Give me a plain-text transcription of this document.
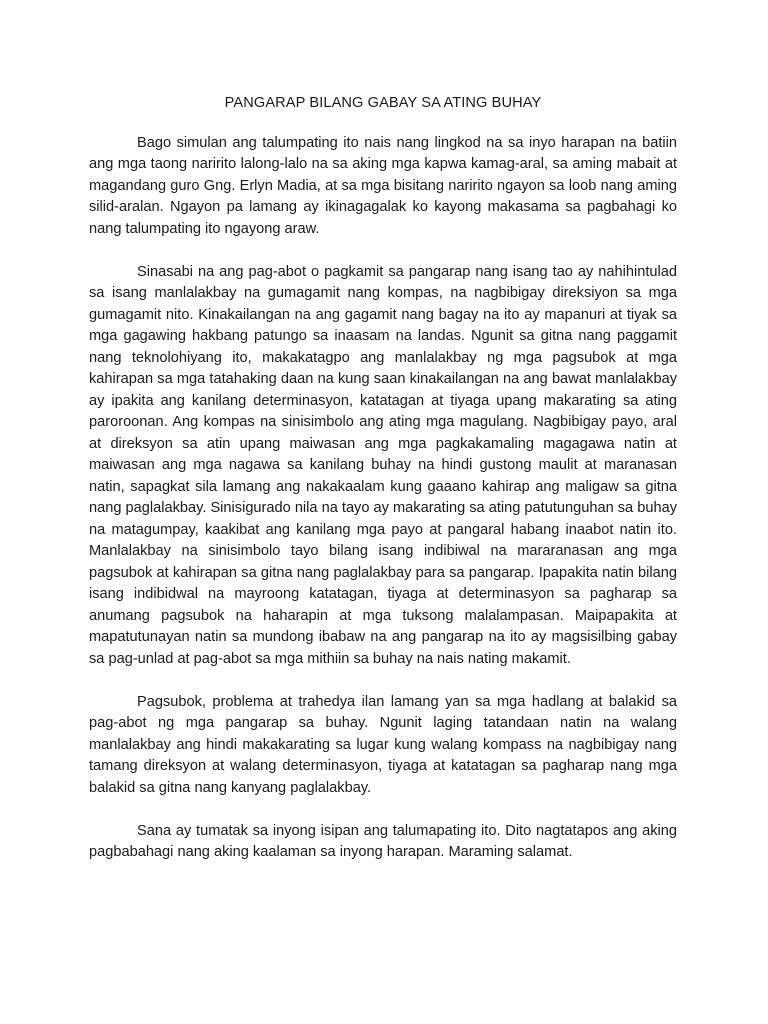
PANGARAP BILANG GABAY SA ATING BUHAY

Bago simulan ang talumpating ito nais nang lingkod na sa inyo harapan na batiin ang mga taong naririto lalong-lalo na sa aking mga kapwa kamag-aral, sa aming mabait at magandang guro Gng. Erlyn Madia, at sa mga bisitang naririto ngayon sa loob nang aming silid-aralan. Ngayon pa lamang ay ikinagagalak ko kayong makasama sa pagbahagi ko nang talumpating ito ngayong araw.

Sinasabi na ang pag-abot o pagkamit sa pangarap nang isang tao ay nahihintulad sa isang manlalakbay na gumagamit nang kompas, na nagbibigay direksiyon sa mga gumagamit nito. Kinakailangan na ang gagamit nang bagay na ito ay mapanuri at tiyak sa mga gagawing hakbang patungo sa inaasam na landas. Ngunit sa gitna nang paggamit nang teknolohiyang ito, makakatagpo ang manlalakbay ng mga pagsubok at mga kahirapan sa mga tatahaking daan na kung saan kinakailangan na ang bawat manlalakbay ay ipakita ang kanilang determinasyon, katatagan at tiyaga upang makarating sa ating paroroonan. Ang kompas na sinisimbolo ang ating mga magulang. Nagbibigay payo, aral at direksyon sa atin upang maiwasan ang mga pagkakamaling magagawa natin at maiwasan ang mga nagawa sa kanilang buhay na hindi gustong maulit at maranasan natin, sapagkat sila lamang ang nakakaalam kung gaaano kahirap ang maligaw sa gitna nang paglalakbay. Sinisigurado nila na tayo ay makarating sa ating patutunguhan sa buhay na matagumpay, kaakibat ang kanilang mga payo at pangaral habang inaabot natin ito. Manlalakbay na sinisimbolo tayo bilang isang indibiwal na mararanasan ang mga pagsubok at kahirapan sa gitna nang paglalakbay para sa pangarap. Ipapakita natin bilang isang indibidwal na mayroong katatagan, tiyaga at determinasyon sa pagharap sa anumang pagsubok na haharapin at mga tuksong malalampasan. Maipapakita at mapatutunayan natin sa mundong ibabaw na ang pangarap na ito ay magsisilbing gabay sa pag-unlad at pag-abot sa mga mithiin sa buhay na nais nating makamit.

Pagsubok, problema at trahedya ilan lamang yan sa mga hadlang at balakid sa pag-abot ng mga pangarap sa buhay. Ngunit laging tatandaan natin na walang manlalakbay ang hindi makakarating sa lugar kung walang kompass na nagbibigay nang tamang direksyon at walang determinasyon, tiyaga at katatagan sa pagharap nang mga balakid sa gitna nang kanyang paglalakbay.

Sana ay tumatak sa inyong isipan ang talumapating ito. Dito nagtatapos ang aking pagbabahagi nang aking kaalaman sa inyong harapan. Maraming salamat.
